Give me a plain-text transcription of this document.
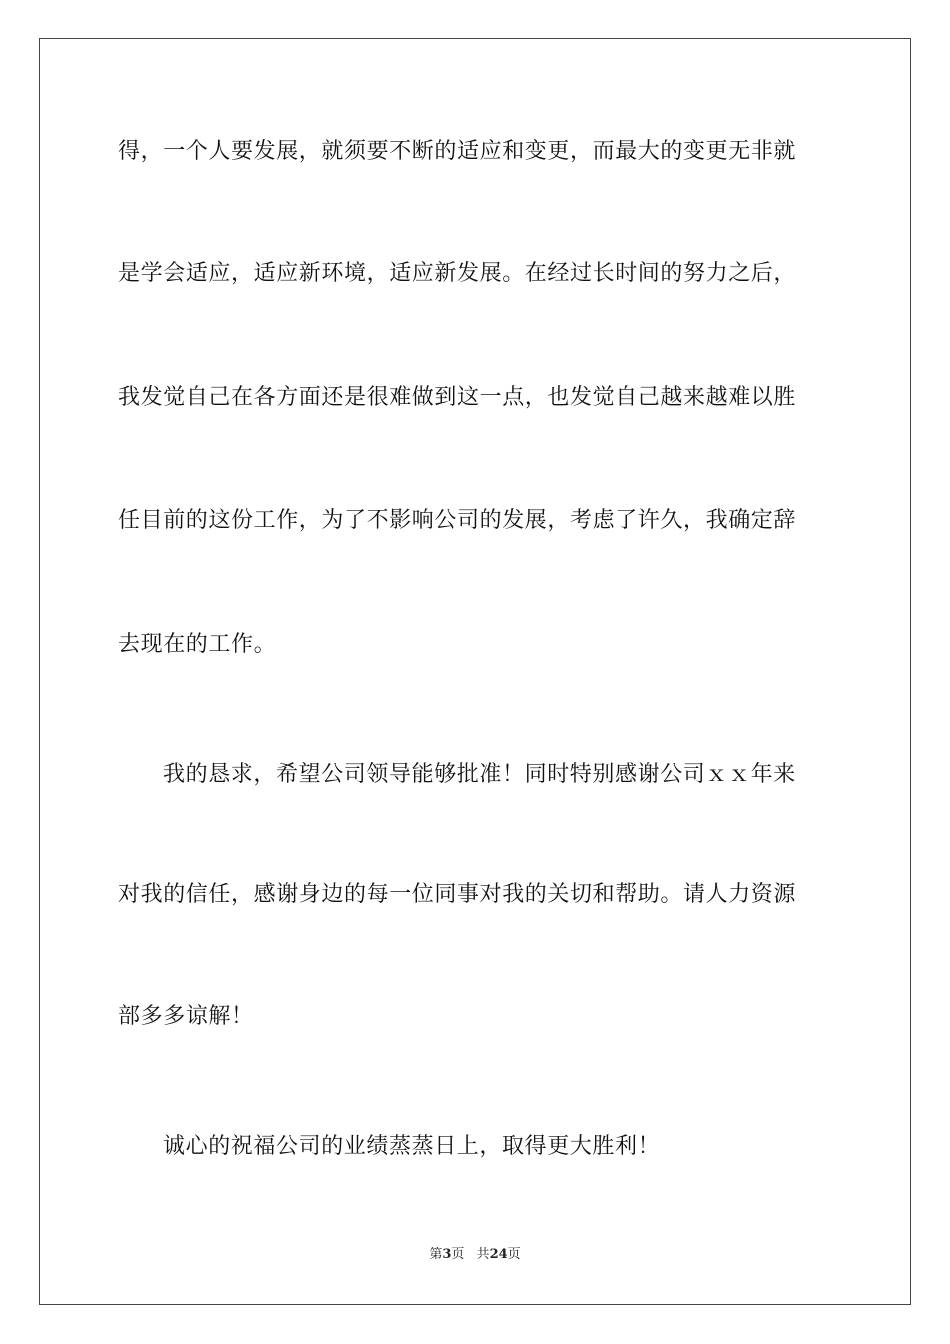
得，一个人要发展，就须要不断的适应和变更，而最大的变更无非就
是学会适应，适应新环境，适应新发展。在经过长时间的努力之后，
我发觉自己在各方面还是很难做到这一点，也发觉自己越来越难以胜
任目前的这份工作，为了不影响公司的发展，考虑了许久，我确定辞
去现在的工作。
我的恳求，希望公司领导能够批准！同时特别感谢公司ｘｘ年来
对我的信任，感谢身边的每一位同事对我的关切和帮助。请人力资源
部多多谅解！
诚心的祝福公司的业绩蒸蒸日上，取得更大胜利！
第3页 共24页
